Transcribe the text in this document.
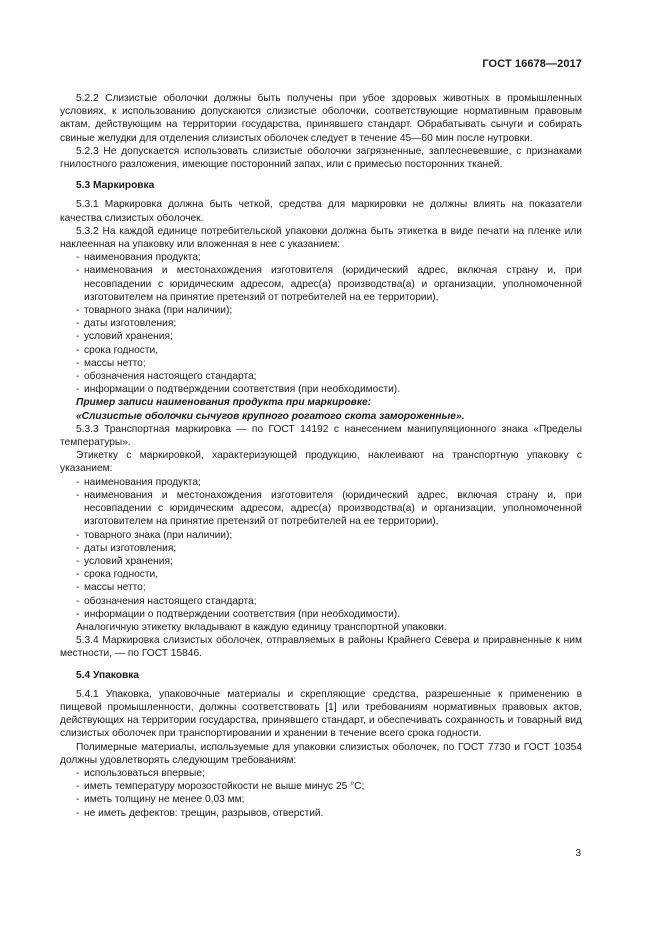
ГОСТ 16678—2017

5.2.2 Слизистые оболочки должны быть получены при убое здоровых животных в промышленных условиях, к использованию допускаются слизистые оболочки, соответствующие нормативным правовым актам, действующим на территории государства, принявшего стандарт. Обрабатывать сычуги и собирать свиные желудки для отделения слизистых оболочек следует в течение 45—60 мин после нутровки.

5.2.3 Не допускается использовать слизистые оболочки загрязненные, заплесневевшие, с признаками гнилостного разложения, имеющие посторонний запах, или с примесью посторонних тканей.

5.3 Маркировка

5.3.1 Маркировка должна быть четкой, средства для маркировки не должны влиять на показатели качества слизистых оболочек.

5.3.2 На каждой единице потребительской упаковки должна быть этикетка в виде печати на пленке или наклеенная на упаковку или вложенная в нее с указанием:

- наименования продукта;

- наименования и местонахождения изготовителя (юридический адрес, включая страну и, при несовпадении с юридическим адресом, адрес(а) производства(а) и организации, уполномоченной изготовителем на принятие претензий от потребителей на ее территории),

- товарного знака (при наличии);

- даты изготовления;

- условий хранения;

- срока годности,

- массы нетто;

- обозначения настоящего стандарта;

- информации о подтверждении соответствия (при необходимости).

Пример записи наименования продукта при маркировке:

«Слизистые оболочки сычугов крупного рогатого скота замороженные».

5.3.3 Транспортная маркировка — по ГОСТ 14192 с нанесением манипуляционного знака «Пределы температуры».

Этикетку с маркировкой, характеризующей продукцию, наклеивают на транспортную упаковку с указанием:

- наименования продукта;

- наименования и местонахождения изготовителя (юридический адрес, включая страну и, при несовпадении с юридическим адресом, адрес(а) производства(а) и организации, уполномоченной изготовителем на принятие претензий от потребителей на ее территории),

- товарного знака (при наличии);

- даты изготовления;

- условий хранения;

- срока годности,

- массы нетто;

- обозначения настоящего стандарта;

- информации о подтверждении соответствия (при необходимости).

Аналогичную этикетку вкладывают в каждую единицу транспортной упаковки.

5.3.4 Маркировка слизистых оболочек, отправляемых в районы Крайнего Севера и приравненные к ним местности, — по ГОСТ 15846.

5.4 Упаковка

5.4.1 Упаковка, упаковочные материалы и скрепляющие средства, разрешенные к применению в пищевой промышленности, должны соответствовать [1] или требованиям нормативных правовых актов, действующих на территории государства, принявшего стандарт, и обеспечивать сохранность и товарный вид слизистых оболочек при транспортировании и хранении в течение всего срока годности.

Полимерные материалы, используемые для упаковки слизистых оболочек, по ГОСТ 7730 и ГОСТ 10354 должны удовлетворять следующим требованиям:

- использоваться впервые;

- иметь температуру морозостойкости не выше минус 25 °С;

- иметь толщину не менее 0,03 мм;

- не иметь дефектов: трещин, разрывов, отверстий.

3
